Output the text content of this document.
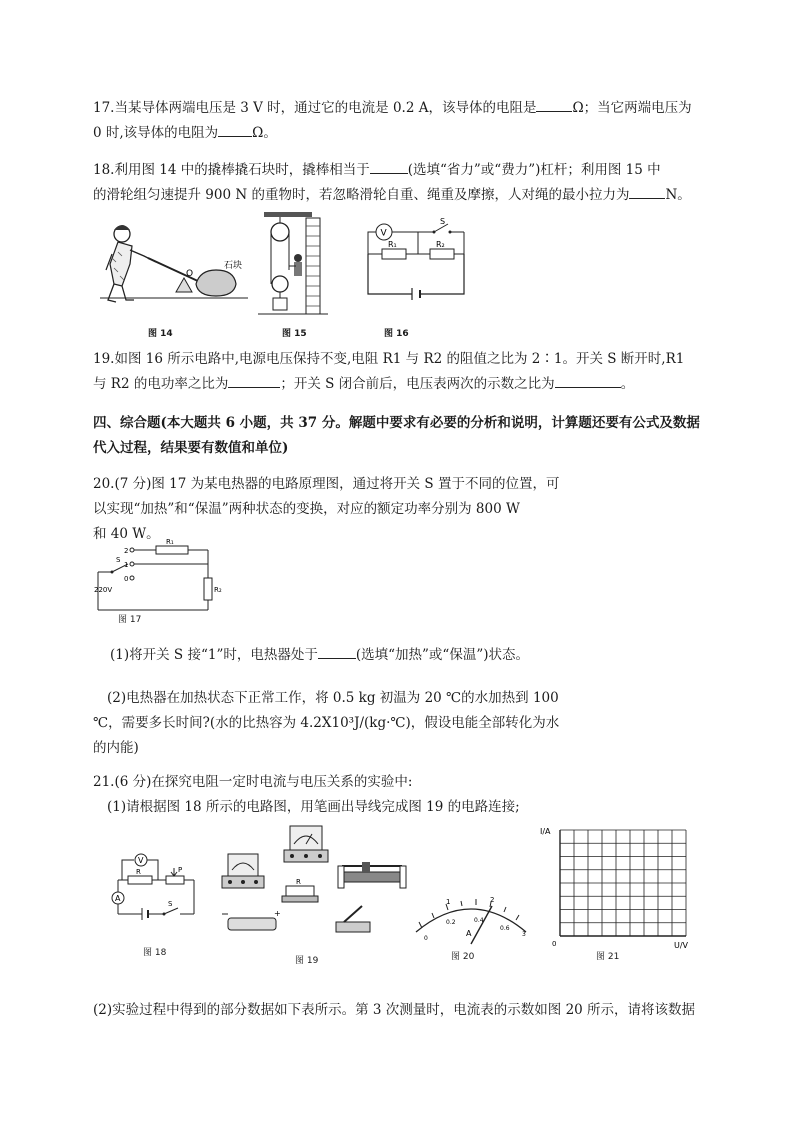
17.当某导体两端电压是 3 V 时，通过它的电流是 0.2 A，该导体的电阻是	Ω；当它两端电压为
0 时,该导体的电阻为	Ω。
18.利用图 14 中的撬棒撬石块时，撬棒相当于	(选填“省力”或“费力”)杠杆；利用图 15 中
的滑轮组匀速提升 900 N 的重物时，若忽略滑轮自重、绳重及摩擦，人对绳的最小拉力为	N。
O
石块
图 14	图 15
R₁	R₂
V
S
图 16
19.如图 16 所示电路中,电源电压保持不变,电阻 R1 与 R2 的阻值之比为 2∶1。开关 S 断开时,R1
与 R2 的电功率之比为	；开关 S 闭合前后，电压表两次的示数之比为	。
四、综合题(本大题共 6 小题，共 37 分。解题中要求有必要的分析和说明，计算题还要有公式及数据
代入过程，结果要有数值和单位)
20.(7 分)图 17 为某电热器的电路原理图，通过将开关 S 置于不同的位置，可
以实现“加热”和“保温”两种状态的变换，对应的额定功率分别为 800 W
和 40 W。
2
1
0
S
R₁
R₂
220V
图 17
(1)将开关 S 接“1”时，电热器处于	(选填“加热”或“保温”)状态。
(2)电热器在加热状态下正常工作，将 0.5 kg 初温为 20 ℃的水加热到 100
℃，需要多长时间?(水的比热容为 4.2X10³J/(kg·℃)，假设电能全部转化为水
的内能)
21.(6 分)在探究电阻一定时电流与电压关系的实验中:
(1)请根据图 18 所示的电路图，用笔画出导线完成图 19 的电路连接;
P
R
V
A
S
图 18
R
+
图 19
A
1	2
0
0.2	0.4
0.6
3
图 20
I/A
U/V
0
图 21
(2)实验过程中得到的部分数据如下表所示。第 3 次测量时，电流表的示数如图 20 所示，请将该数据
